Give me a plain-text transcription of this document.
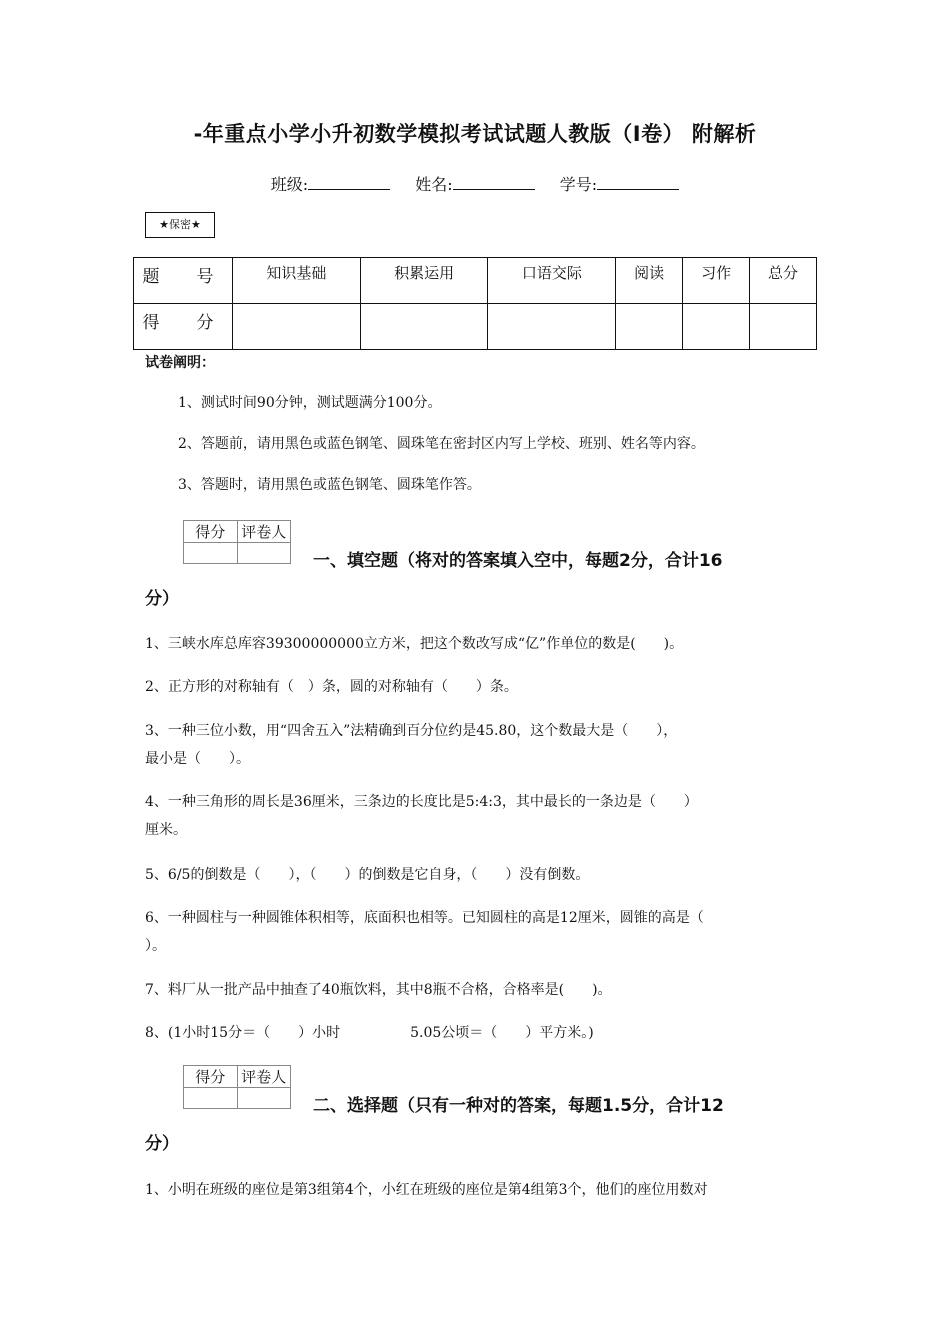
-年重点小学小升初数学模拟考试试题人教版（I卷） 附解析
班级:	姓名:	学号:
★保密★
题　号	知识基础	积累运用	口语交际	阅读	习作	总分
得　分						
试卷阐明：
1、测试时间90分钟，测试题满分100分。
2、答题前，请用黑色或蓝色钢笔、圆珠笔在密封区内写上学校、班别、姓名等内容。
3、答题时，请用黑色或蓝色钢笔、圆珠笔作答。
得分	评卷人

一、填空题（将对的答案填入空中，每题2分，合计16
分）
1、三峡水库总库容39300000000立方米，把这个数改写成“亿”作单位的数是(　　)。
2、正方形的对称轴有（　）条，圆的对称轴有（　　）条。
3、一种三位小数，用“四舍五入”法精确到百分位约是45.80，这个数最大是（　　），
最小是（　　）。
4、一种三角形的周长是36厘米，三条边的长度比是5:4:3，其中最长的一条边是（　　）
厘米。
5、6/5的倒数是（　　），（　　）的倒数是它自身，（　　）没有倒数。
6、一种圆柱与一种圆锥体积相等，底面积也相等。已知圆柱的高是12厘米，圆锥的高是（
）。
7、料厂从一批产品中抽查了40瓶饮料，其中8瓶不合格，合格率是(　　)。
8、(1小时15分＝（　　）小时　　　　　5.05公顷＝（　　）平方米。)
得分	评卷人

二、选择题（只有一种对的答案，每题1.5分，合计12
分）
1、小明在班级的座位是第3组第4个，小红在班级的座位是第4组第3个，他们的座位用数对
